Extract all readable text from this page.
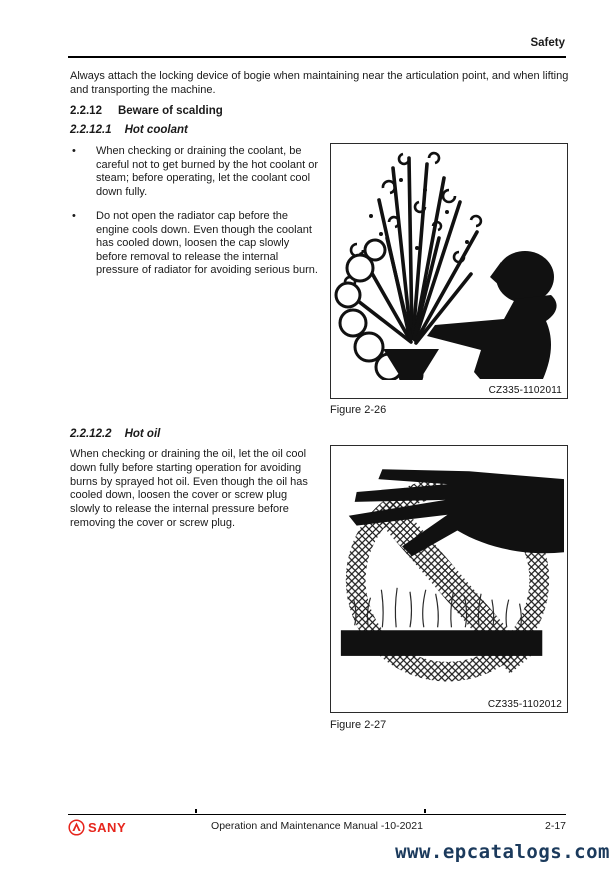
Safety
Always attach the locking device of bogie when maintaining near the articulation point, and when lifting and transporting the machine.
2.2.12 Beware of scalding
2.2.12.1 Hot coolant
•	When checking or draining the coolant, be careful not to get burned by the hot coolant or steam; before operating, let the coolant cool down fully.
•	Do not open the radiator cap before the engine cools down. Even though the coolant has cooled down, loosen the cap slowly before removal to release the internal pressure of radiator for avoiding serious burn.
CZ335-1102011
Figure 2-26
2.2.12.2 Hot oil
When checking or draining the oil, let the oil cool down fully before starting operation for avoiding burns by sprayed hot oil. Even though the oil has cooled down, loosen the cover or screw plug slowly to release the internal pressure before removing the cover or screw plug.
CZ335-1102012
Figure 2-27
SANY	Operation and Maintenance Manual -10-2021	2-17
www.epcatalogs.com
